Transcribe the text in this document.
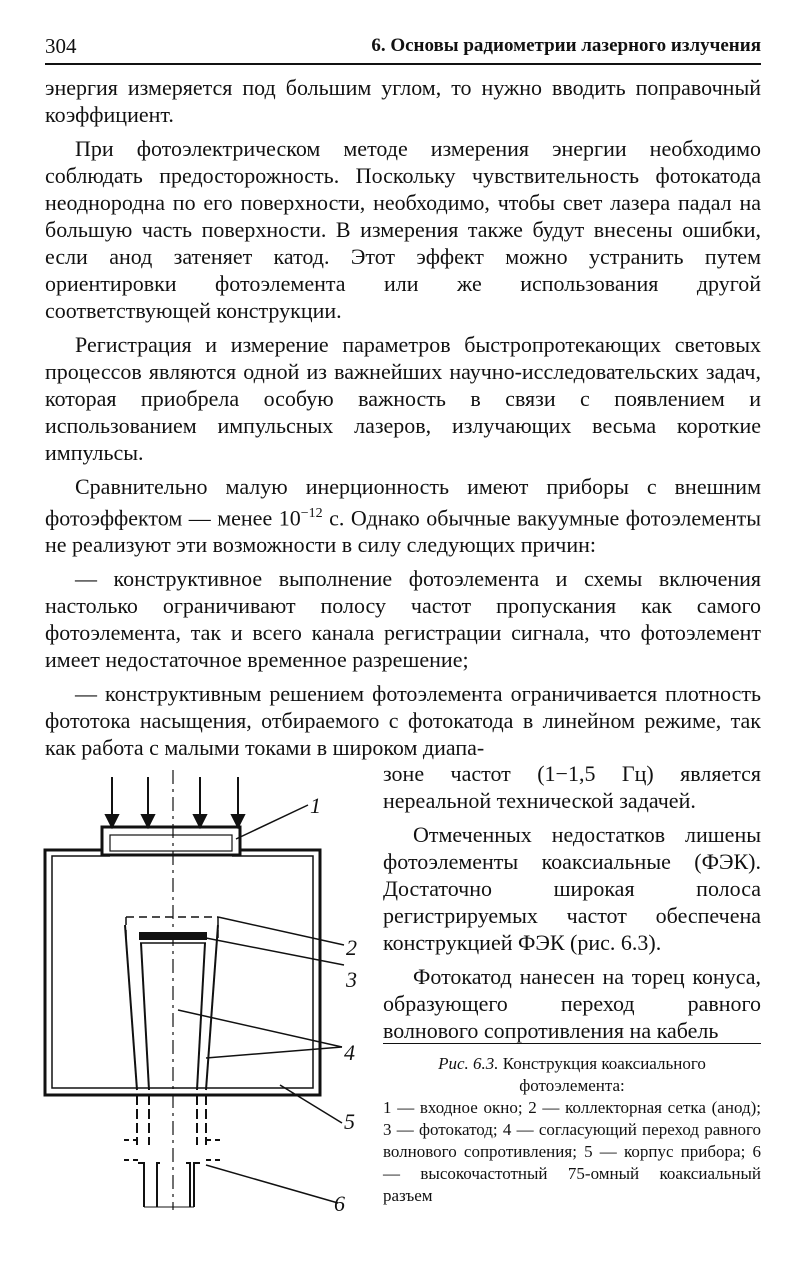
304	6. Основы радиометрии лазерного излучения

энергия измеряется под большим углом, то нужно вводить поправочный коэффициент.

При фотоэлектрическом методе измерения энергии необходимо соблюдать предосторожность. Поскольку чувствительность фотокатода неоднородна по его поверхности, необходимо, чтобы свет лазера падал на большую часть поверхности. В измерения также будут внесены ошибки, если анод затеняет катод. Этот эффект можно устранить путем ориентировки фотоэлемента или же использования другой соответствующей конструкции.

Регистрация и измерение параметров быстропротекающих световых процессов являются одной из важнейших научно-исследовательских задач, которая приобрела особую важность в связи с появлением и использованием импульсных лазеров, излучающих весьма короткие импульсы.

Сравнительно малую инерционность имеют приборы с внешним фотоэффектом — менее $10^{-12}$ с. Однако обычные вакуумные фотоэлементы не реализуют эти возможности в силу следующих причин:

— конструктивное выполнение фотоэлемента и схемы включения настолько ограничивают полосу частот пропускания как самого фотоэлемента, так и всего канала регистрации сигнала, что фотоэлемент имеет недостаточное временное разрешение;

— конструктивным решением фотоэлемента ограничивается плотность фототока насыщения, отбираемого с фотокатода в линейном режиме, так как работа с малыми токами в широком диапа-

зоне частот (1−1,5 Гц) является нереальной технической задачей.

Отмеченных недостатков лишены фотоэлементы коаксиальные (ФЭК). Достаточно широкая полоса регистрируемых частот обеспечена конструкцией ФЭК (рис. 6.3).

Фотокатод нанесен на торец конуса, образующего переход равного волнового сопротивления на кабель

Рис. 6.3. Конструкция коаксиального
фотоэлемента:
1 — входное окно; 2 — коллекторная сетка (анод); 3 — фотокатод; 4 — согласующий переход равного волнового сопротивления; 5 — корпус прибора; 6 — высокочастотный 75-омный коаксиальный разъем
1
2
3
4
5
6
